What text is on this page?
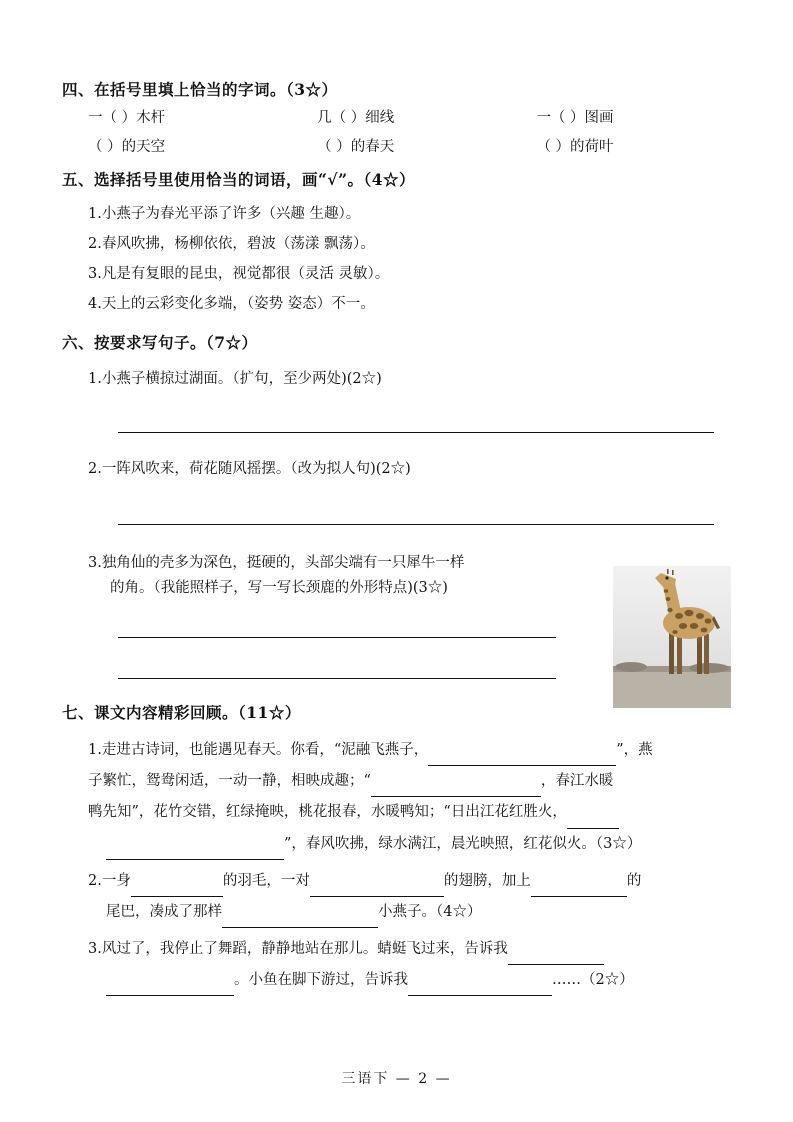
四、在括号里填上恰当的字词。（3☆）
一（ ）木杆	几（ ）细线	一（ ）图画
（ ）的天空	（ ）的春天	（ ）的荷叶
五、选择括号里使用恰当的词语，画“√”。（4☆）
1.小燕子为春光平添了许多（兴趣 生趣）。
2.春风吹拂，杨柳依依，碧波（荡漾 飘荡）。
3.凡是有复眼的昆虫，视觉都很（灵活 灵敏）。
4.天上的云彩变化多端，（姿势 姿态）不一。
六、按要求写句子。（7☆）
1.小燕子横掠过湖面。（扩句，至少两处)(2☆)
2.一阵风吹来，荷花随风摇摆。（改为拟人句)(2☆)
3.独角仙的壳多为深色，挺硬的，头部尖端有一只犀牛一样
的角。（我能照样子，写一写长颈鹿的外形特点)(3☆)
七、课文内容精彩回顾。（11☆）
1.走进古诗词，也能遇见春天。你看，“泥融飞燕子，	”，燕
子繁忙，鸳鸯闲适，一动一静，相映成趣；“	，春江水暖
鸭先知”，花竹交错，红绿掩映，桃花报春，水暖鸭知；“日出江花红胜火，
”，春风吹拂，绿水满江，晨光映照，红花似火。（3☆）
2.一身	的羽毛，一对	的翅膀，加上	的
尾巴，凑成了那样	小燕子。（4☆）
3.风过了，我停止了舞蹈，静静地站在那儿。蜻蜓飞过来，告诉我
。小鱼在脚下游过，告诉我	……（2☆）
三语下 — 2 —
